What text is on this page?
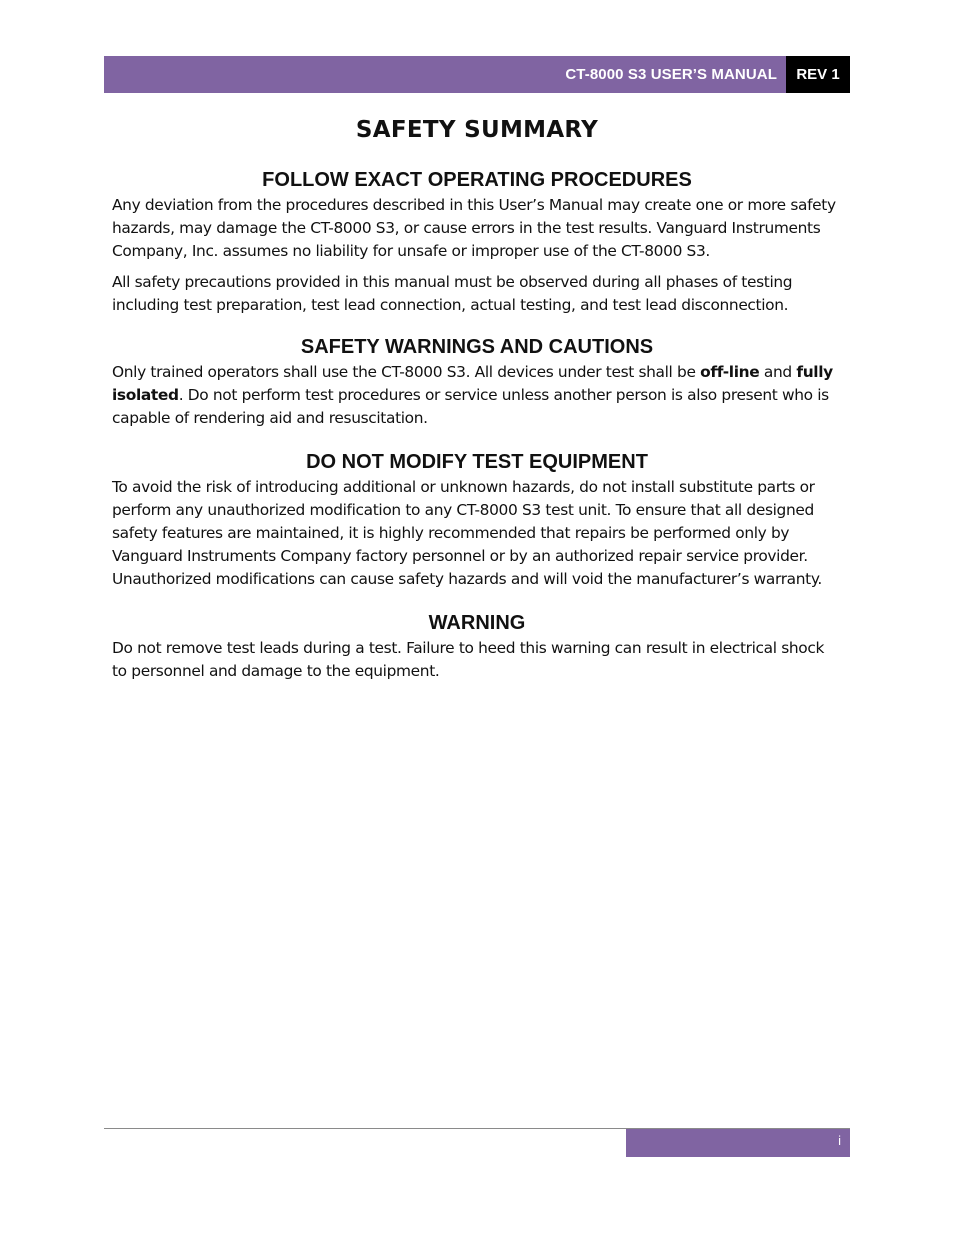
CT-8000 S3 USER’S MANUAL	REV 1
SAFETY SUMMARY
FOLLOW EXACT OPERATING PROCEDURES

Any deviation from the procedures described in this User’s Manual may create one or more safety hazards, may damage the CT-8000 S3, or cause errors in the test results. Vanguard Instruments Company, Inc. assumes no liability for unsafe or improper use of the CT-8000 S3.

All safety precautions provided in this manual must be observed during all phases of testing including test preparation, test lead connection, actual testing, and test lead disconnection.

SAFETY WARNINGS AND CAUTIONS

Only trained operators shall use the CT-8000 S3. All devices under test shall be off-line and fully isolated. Do not perform test procedures or service unless another person is also present who is capable of rendering aid and resuscitation.

DO NOT MODIFY TEST EQUIPMENT

To avoid the risk of introducing additional or unknown hazards, do not install substitute parts or perform any unauthorized modification to any CT-8000 S3 test unit. To ensure that all designed safety features are maintained, it is highly recommended that repairs be performed only by Vanguard Instruments Company factory personnel or by an authorized repair service provider. Unauthorized modifications can cause safety hazards and will void the manufacturer’s warranty.

WARNING

Do not remove test leads during a test. Failure to heed this warning can result in electrical shock to personnel and damage to the equipment.

i
